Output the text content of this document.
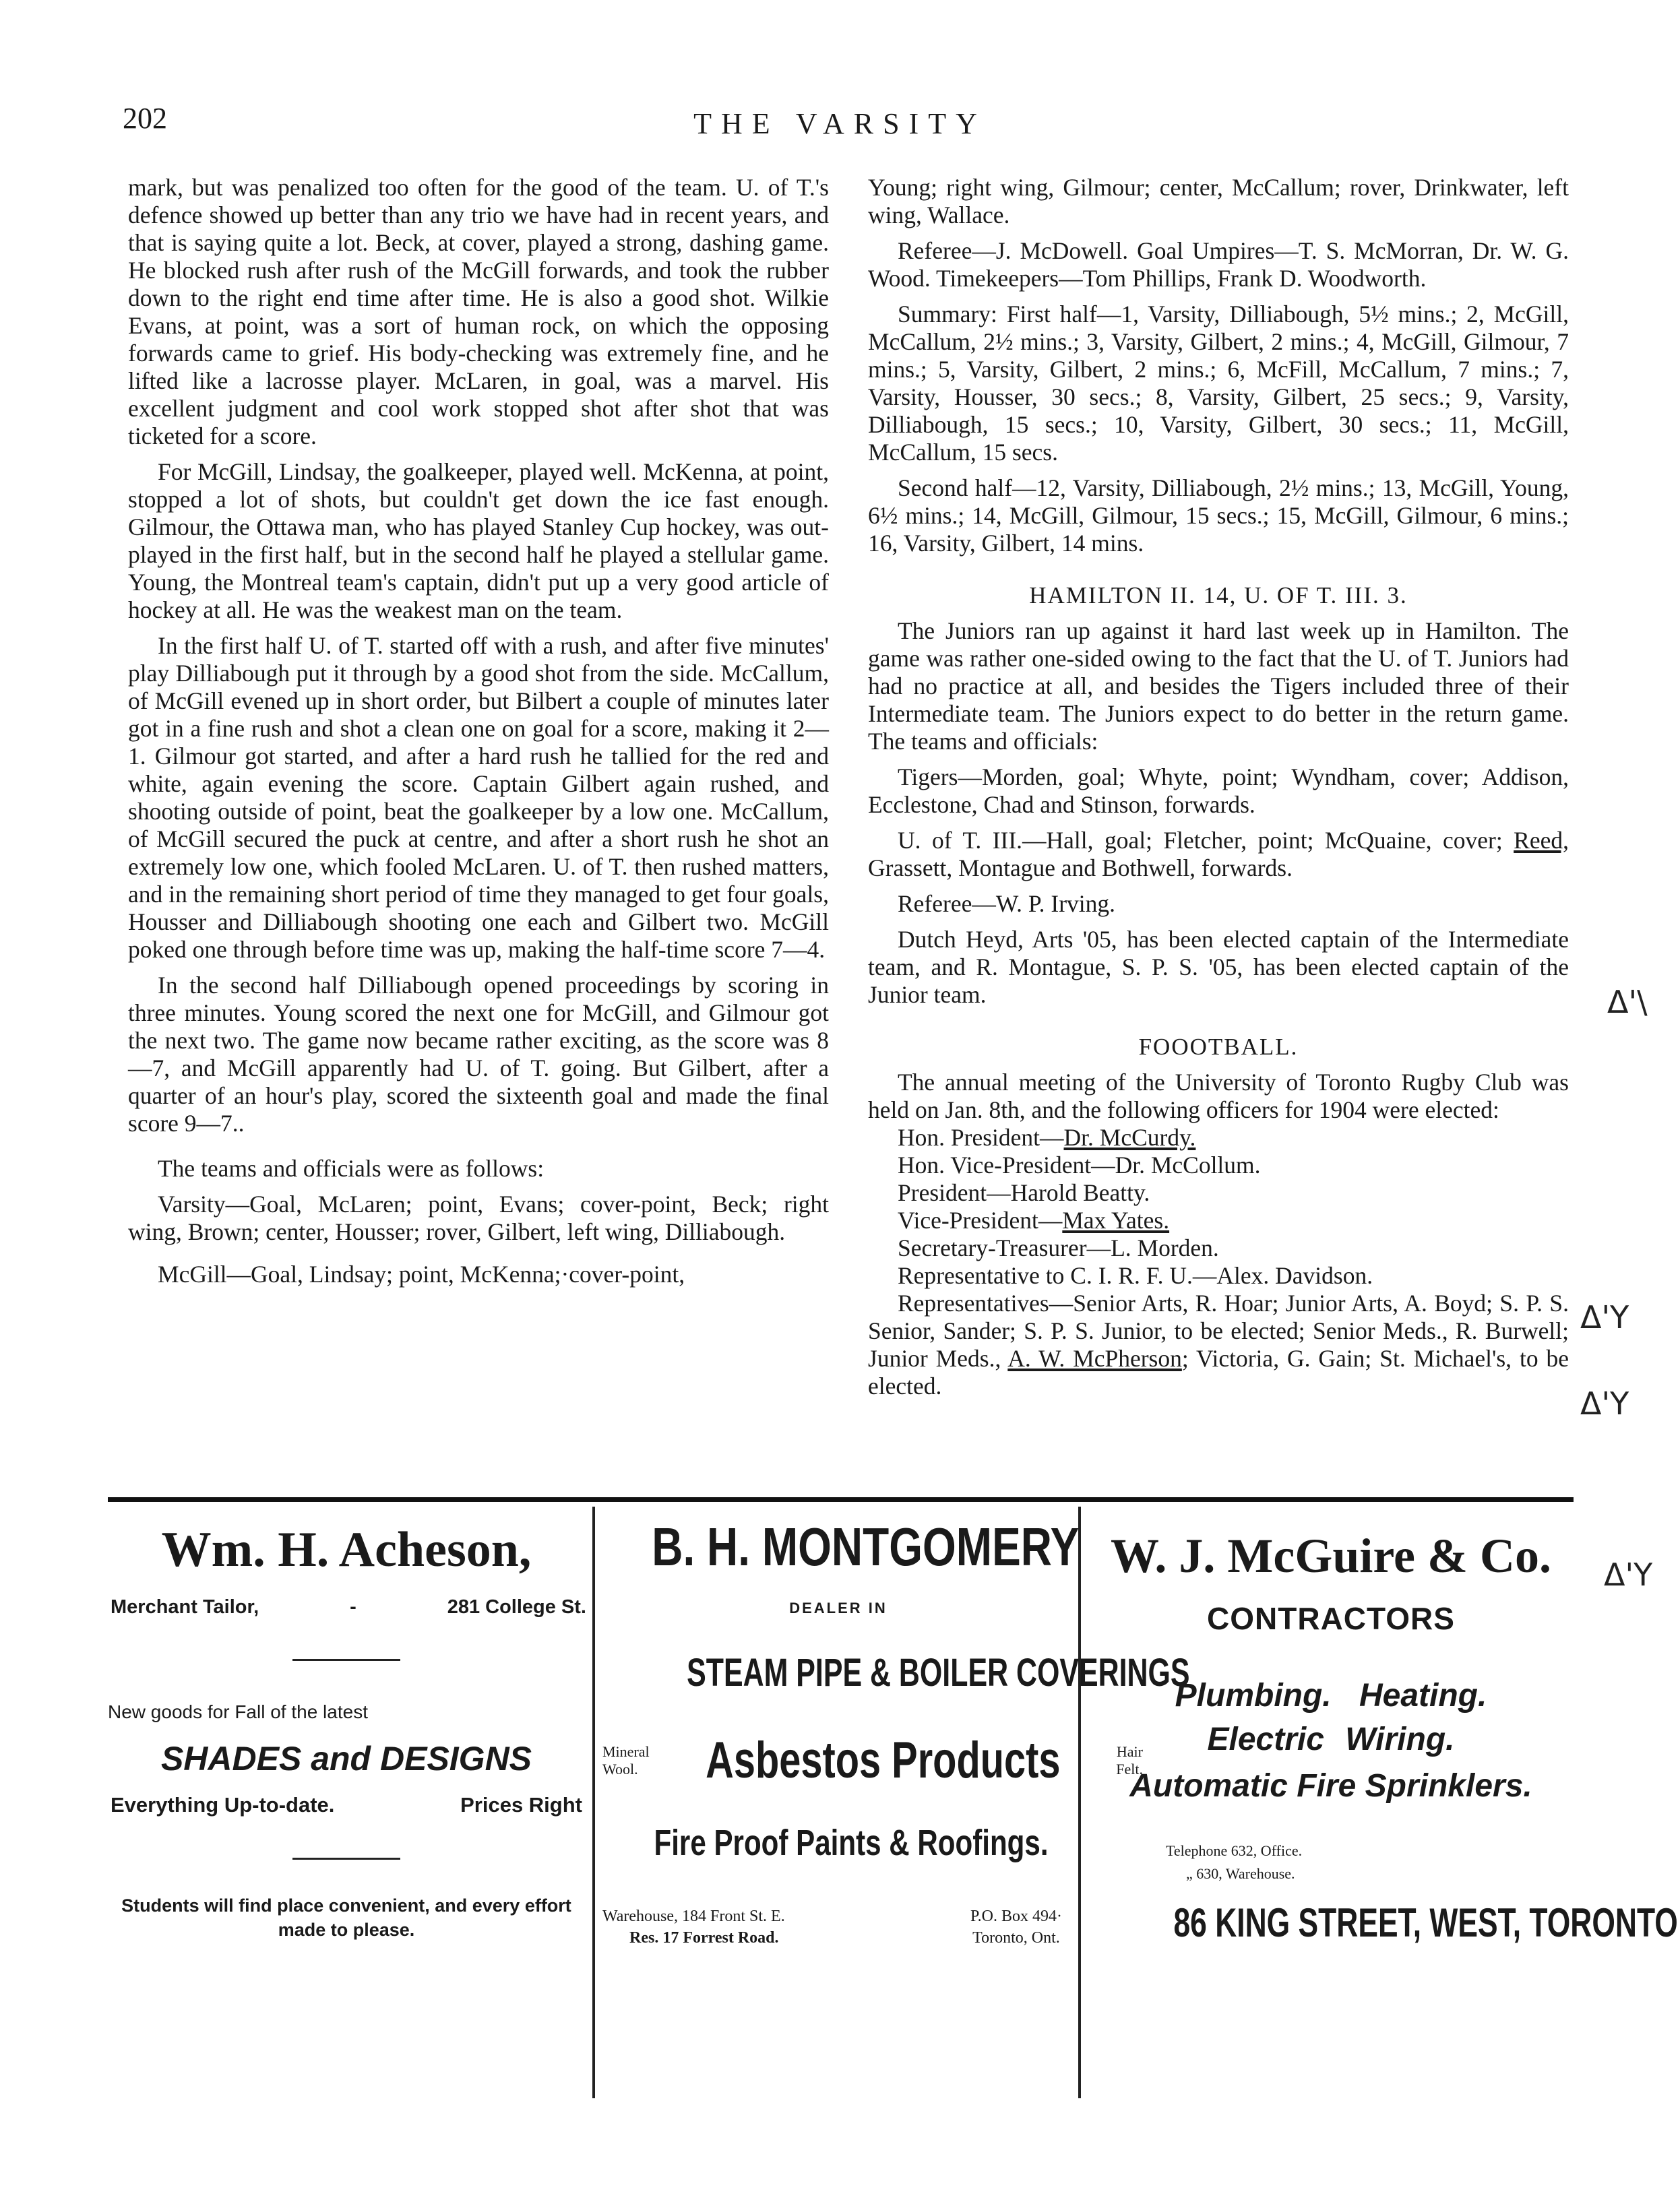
202	THE VARSITY

mark, but was penalized too often for the good of the team. U. of T.'s defence showed up better than any trio we have had in recent years, and that is saying quite a lot. Beck, at cover, played a strong, dashing game. He blocked rush after rush of the McGill forwards, and took the rubber down to the right end time after time. He is also a good shot. Wilkie Evans, at point, was a sort of human rock, on which the opposing forwards came to grief. His body-checking was extremely fine, and he lifted like a lacrosse player. McLaren, in goal, was a marvel. His excellent judgment and cool work stopped shot after shot that was ticketed for a score.

For McGill, Lindsay, the goalkeeper, played well. McKenna, at point, stopped a lot of shots, but couldn't get down the ice fast enough. Gilmour, the Ottawa man, who has played Stanley Cup hockey, was out-played in the first half, but in the second half he played a stellular game. Young, the Montreal team's captain, didn't put up a very good article of hockey at all. He was the weakest man on the team.

In the first half U. of T. started off with a rush, and after five minutes' play Dilliabough put it through by a good shot from the side. McCallum, of McGill evened up in short order, but Bilbert a couple of minutes later got in a fine rush and shot a clean one on goal for a score, making it 2—1. Gilmour got started, and after a hard rush he tallied for the red and white, again evening the score. Captain Gilbert again rushed, and shooting outside of point, beat the goalkeeper by a low one. McCallum, of McGill secured the puck at centre, and after a short rush he shot an extremely low one, which fooled McLaren. U. of T. then rushed matters, and in the remaining short period of time they managed to get four goals, Housser and Dilliabough shooting one each and Gilbert two. McGill poked one through before time was up, making the half-time score 7—4.

In the second half Dilliabough opened proceedings by scoring in three minutes. Young scored the next one for McGill, and Gilmour got the next two. The game now became rather exciting, as the score was 8—7, and McGill apparently had U. of T. going. But Gilbert, after a quarter of an hour's play, scored the sixteenth goal and made the final score 9—7..

The teams and officials were as follows:

Varsity—Goal, McLaren; point, Evans; cover-point, Beck; right wing, Brown; center, Housser; rover, Gilbert, left wing, Dilliabough.

McGill—Goal, Lindsay; point, McKenna;·cover-point,

Young; right wing, Gilmour; center, McCallum; rover, Drinkwater, left wing, Wallace.

Referee—J. McDowell. Goal Umpires—T. S. McMorran, Dr. W. G. Wood. Timekeepers—Tom Phillips, Frank D. Woodworth.

Summary: First half—1, Varsity, Dilliabough, 5½ mins.; 2, McGill, McCallum, 2½ mins.; 3, Varsity, Gilbert, 2 mins.; 4, McGill, Gilmour, 7 mins.; 5, Varsity, Gilbert, 2 mins.; 6, McFill, McCallum, 7 mins.; 7, Varsity, Housser, 30 secs.; 8, Varsity, Gilbert, 25 secs.; 9, Varsity, Dilliabough, 15 secs.; 10, Varsity, Gilbert, 30 secs.; 11, McGill, McCallum, 15 secs.

Second half—12, Varsity, Dilliabough, 2½ mins.; 13, McGill, Young, 6½ mins.; 14, McGill, Gilmour, 15 secs.; 15, McGill, Gilmour, 6 mins.; 16, Varsity, Gilbert, 14 mins.

HAMILTON II. 14, U. OF T. III. 3.

The Juniors ran up against it hard last week up in Hamilton. The game was rather one-sided owing to the fact that the U. of T. Juniors had had no practice at all, and besides the Tigers included three of their Intermediate team. The Juniors expect to do better in the return game. The teams and officials:

Tigers—Morden, goal; Whyte, point; Wyndham, cover; Addison, Ecclestone, Chad and Stinson, forwards.

U. of T. III.—Hall, goal; Fletcher, point; McQuaine, cover; Reed, Grassett, Montague and Bothwell, forwards.

Referee—W. P. Irving.

Dutch Heyd, Arts '05, has been elected captain of the Intermediate team, and R. Montague, S. P. S. '05, has been elected captain of the Junior team.

FOOOTBALL.

The annual meeting of the University of Toronto Rugby Club was held on Jan. 8th, and the following officers for 1904 were elected:

Hon. President—Dr. McCurdy.

Hon. Vice-President—Dr. McCollum.

President—Harold Beatty.

Vice-President—Max Yates.

Secretary-Treasurer—L. Morden.

Representative to C. I. R. F. U.—Alex. Davidson.

Representatives—Senior Arts, R. Hoar; Junior Arts, A. Boyd; S. P. S. Senior, Sander; S. P. S. Junior, to be elected; Senior Meds., R. Burwell; Junior Meds., A. W. McPherson; Victoria, G. Gain; St. Michael's, to be elected.

Δ'\
Δ'Y
Δ'Y
Δ'Y
Wm. H. Acheson,
Merchant Tailor,	-	281 College St.
New goods for Fall of the latest
SHADES and DESIGNS
Everything Up-to-date.	Prices Right
Students will find place convenient, and every effort made to please.
B. H. MONTGOMERY
DEALER IN
STEAM PIPE & BOILER COVERINGS
Mineral Wool.	Asbestos Products	Hair Felt.
Fire Proof Paints & Roofings.
Warehouse, 184 Front St. E.
Res. 17 Forrest Road.
P.O. Box 494·
Toronto, Ont.
W. J. McGuire & Co.
CONTRACTORS
Plumbing. Heating.
Electric Wiring.
Automatic Fire Sprinklers.
Telephone 632, Office.
„ 630, Warehouse.
86 KING STREET, WEST, TORONTO
